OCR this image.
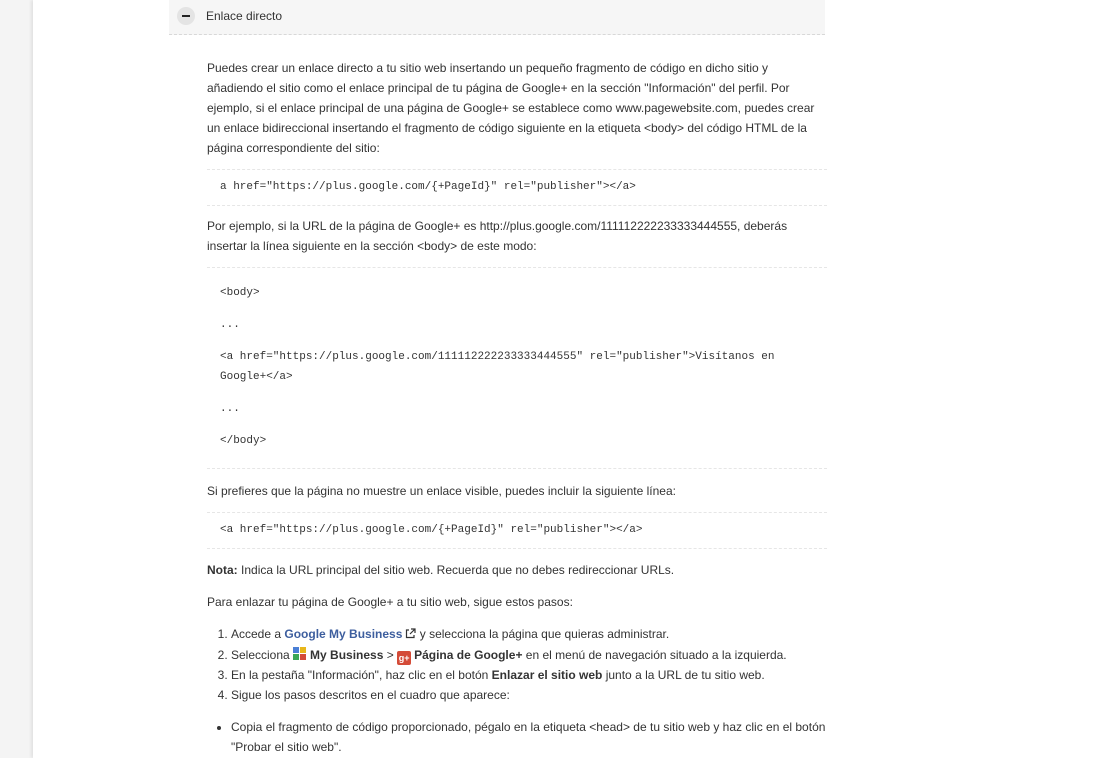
Enlace directo

Puedes crear un enlace directo a tu sitio web insertando un pequeño fragmento de código en dicho sitio y añadiendo el sitio como el enlace principal de tu página de Google+ en la sección "Información" del perfil. Por ejemplo, si el enlace principal de una página de Google+ se establece como www.pagewebsite.com, puedes crear un enlace bidireccional insertando el fragmento de código siguiente en la etiqueta <body> del código HTML de la página correspondiente del sitio:

a href="https://plus.google.com/{+PageId}" rel="publisher"></a>

Por ejemplo, si la URL de la página de Google+ es http://plus.google.com/111112222233333444555, deberás insertar la línea siguiente en la sección <body> de este modo:

<body>
...
<a href="https://plus.google.com/111112222233333444555" rel="publisher">Visítanos en
Google+</a>
...
</body>

Si prefieres que la página no muestre un enlace visible, puedes incluir la siguiente línea:

<a href="https://plus.google.com/{+PageId}" rel="publisher"></a>

Nota: Indica la URL principal del sitio web. Recuerda que no debes redireccionar URLs.

Para enlazar tu página de Google+ a tu sitio web, sigue estos pasos:

1. Accede a Google My Business y selecciona la página que quieras administrar.
2. Selecciona
My Business > g+ Página de Google+ en el menú de navegación situado a la izquierda.
3. En la pestaña "Información", haz clic en el botón Enlazar el sitio web junto a la URL de tu sitio web.
4. Sigue los pasos descritos en el cuadro que aparece:
• Copia el fragmento de código proporcionado, pégalo en la etiqueta <head> de tu sitio web y haz clic en el botón "Probar el sitio web".
